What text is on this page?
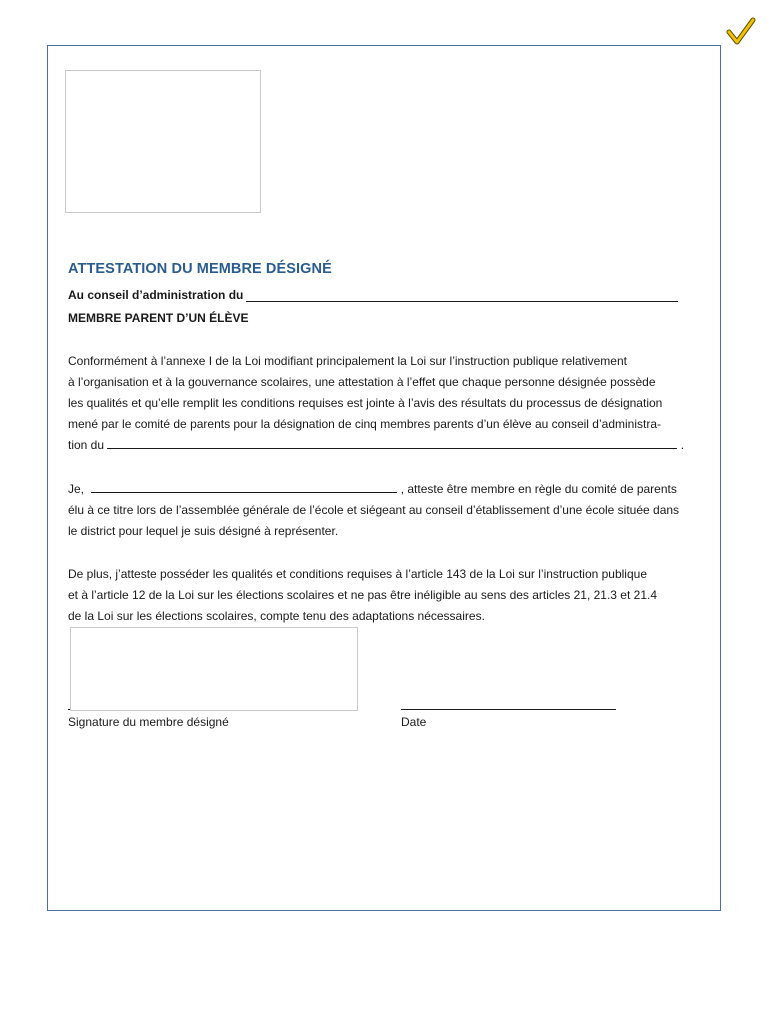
ATTESTATION DU MEMBRE DÉSIGNÉ
Au conseil d’administration du
MEMBRE PARENT D’UN ÉLÈVE
Conformément à l’annexe I de la Loi modifiant principalement la Loi sur l’instruction publique relativement
à l’organisation et à la gouvernance scolaires, une attestation à l’effet que chaque personne désignée possède
les qualités et qu’elle remplit les conditions requises est jointe à l’avis des résultats du processus de désignation
mené par le comité de parents pour la désignation de cinq membres parents d’un élève au conseil d’administra-
tion du	.
Je,	, atteste être membre en règle du comité de parents
élu à ce titre lors de l’assemblée générale de l’école et siégeant au conseil d’établissement d’une école située dans
le district pour lequel je suis désigné à représenter.
De plus, j’atteste posséder les qualités et conditions requises à l’article 143 de la Loi sur l’instruction publique
et à l’article 12 de la Loi sur les élections scolaires et ne pas être inéligible au sens des articles 21, 21.3 et 21.4
de la Loi sur les élections scolaires, compte tenu des adaptations nécessaires.
Signature du membre désigné	Date
